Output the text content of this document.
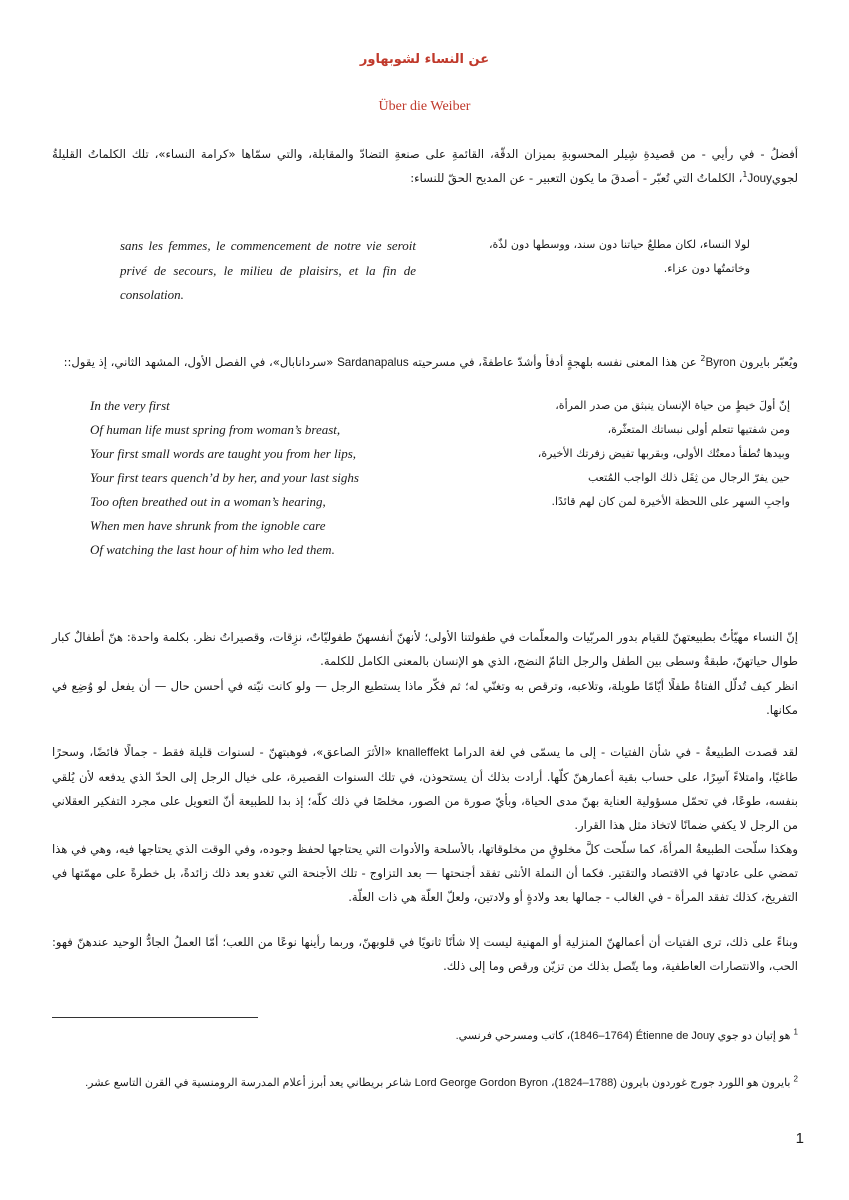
عن النساء لشوبهاور
Über die Weiber
أفضلُ - في رأيي - من قصيدةِ شِيلر المحسوبةِ بميزان الدقّة، القائمةِ على صنعةِ التضادّ والمقابلة، والتي سمّاها «كرامة النساء»، تلك الكلماتُ القليلةُ لجويJouy$^1$، الكلماتُ التي تُعبّر - أصدقَ ما يكون التعبير - عن المديح الحقّ للنساء:
sans les femmes, le commencement de notre vie seroit privé de secours, le milieu de plaisirs, et la fin de consolation.
لولا النساء، لكان مطلعُ حياتنا دون سند، ووسطها دون لذّة،
وخاتمتُها دون عزاء.
ويُعبّر بايرون Byron$^2$ عن هذا المعنى نفسه بلهجةٍ أدفأ وأشدّ عاطفةً، في مسرحيته Sardanapalus «سردانابال»، في الفصل الأول، المشهد الثاني، إذ يقول::
In the very first
Of human life must spring from woman’s breast,
Your first small words are taught you from her lips,
Your first tears quench’d by her, and your last sighs
Too often breathed out in a woman’s hearing,
When men have shrunk from the ignoble care
Of watching the last hour of him who led them.
إنّ أولَ خيطٍ من حياة الإنسان ينبثق من صدر المرأة،
ومن شفتيها تتعلم أولى نبساتك المتعثّرة،
وبيدها تُطفأ دمعتُك الأولى، وبقربها تفيض زفرتك الأخيرة،
حين يفرّ الرجال من ثِقَل ذلك الواجب المُتعب
واجبِ السهر على اللحظة الأخيرة لمن كان لهم قائدًا.
إنّ النساء مهيّأتٌ بطبيعتهنّ للقيام بدور المربّيات والمعلّمات في طفولتنا الأولى؛ لأنهنّ أنفسهنّ طفوليّاتٌ، نزِقات، وقصيراتُ نظر. بكلمة واحدة: هنّ أطفالٌ كبار طوال حياتهنّ، طبقةٌ وسطى بين الطفل والرجل التامّ النضج، الذي هو الإنسان بالمعنى الكامل للكلمة.
انظر كيف تُدلّل الفتاةُ طفلًا أيّامًا طويلة، وتلاعبه، وترقص به وتغنّي له؛ ثم فكّر ماذا يستطيع الرجل — ولو كانت نيّته في أحسن حال — أن يفعل لو وُضِع في مكانها.
لقد قصدت الطبيعةُ - في شأن الفتيات - إلى ما يسمّى في لغة الدراما knalleffekt «الأثرَ الصاعق»، فوهبتهنّ - لسنوات قليلة فقط - جمالًا فائضًا، وسحرًا طاغيًا، وامتلاءً آسِرًا، على حساب بقية أعمارهنّ كلّها. أرادت بذلك أن يستحوذن، في تلك السنوات القصيرة، على خيال الرجل إلى الحدّ الذي يدفعه لأن يُلقي بنفسه، طوعًا، في تحمّل مسؤولية العناية بهنّ مدى الحياة، وبأيّ صورة من الصور، مخلصًا في ذلك كلّه؛ إذ بدا للطبيعة أنّ التعويل على مجرد التفكير العقلاني من الرجل لا يكفي ضمانًا لاتخاذ مثل هذا القرار.
وهكذا سلّحت الطبيعةُ المرأةَ، كما سلّحت كلَّ مخلوقٍ من مخلوقاتها، بالأسلحة والأدوات التي يحتاجها لحفظ وجوده، وفي الوقت الذي يحتاجها فيه، وهي في هذا تمضي على عادتها في الاقتصاد والتقتير. فكما أن النملة الأنثى تفقد أجنحتها — بعد التزاوج - تلك الأجنحة التي تغدو بعد ذلك زائدةً، بل خطرةً على مهمّتها في التفريخ، كذلك تفقد المرأة - في الغالب - جمالها بعد ولادةٍ أو ولادتين، ولعلّ العلّة هي ذات العلّة.
وبناءً على ذلك، ترى الفتيات أن أعمالهنّ المنزلية أو المهنية ليست إلا شأنًا ثانويًا في قلوبهنّ، وربما رأينها نوعًا من اللعب؛ أمّا العملُ الجادُّ الوحيد عندهنّ فهو: الحب، والانتصارات العاطفية، وما يتّصل بذلك من تزيّن ورقص وما إلى ذلك.
$^1$ هو إتيان دو جوي Étienne de Jouy (1764–1846)، كاتب ومسرحي فرنسي.
$^2$ بايرون هو اللورد جورج غوردون بايرون (1788–1824)، Lord George Gordon Byron شاعر بريطاني يعد أبرز أعلام المدرسة الرومنسية في القرن التاسع عشر.
1
